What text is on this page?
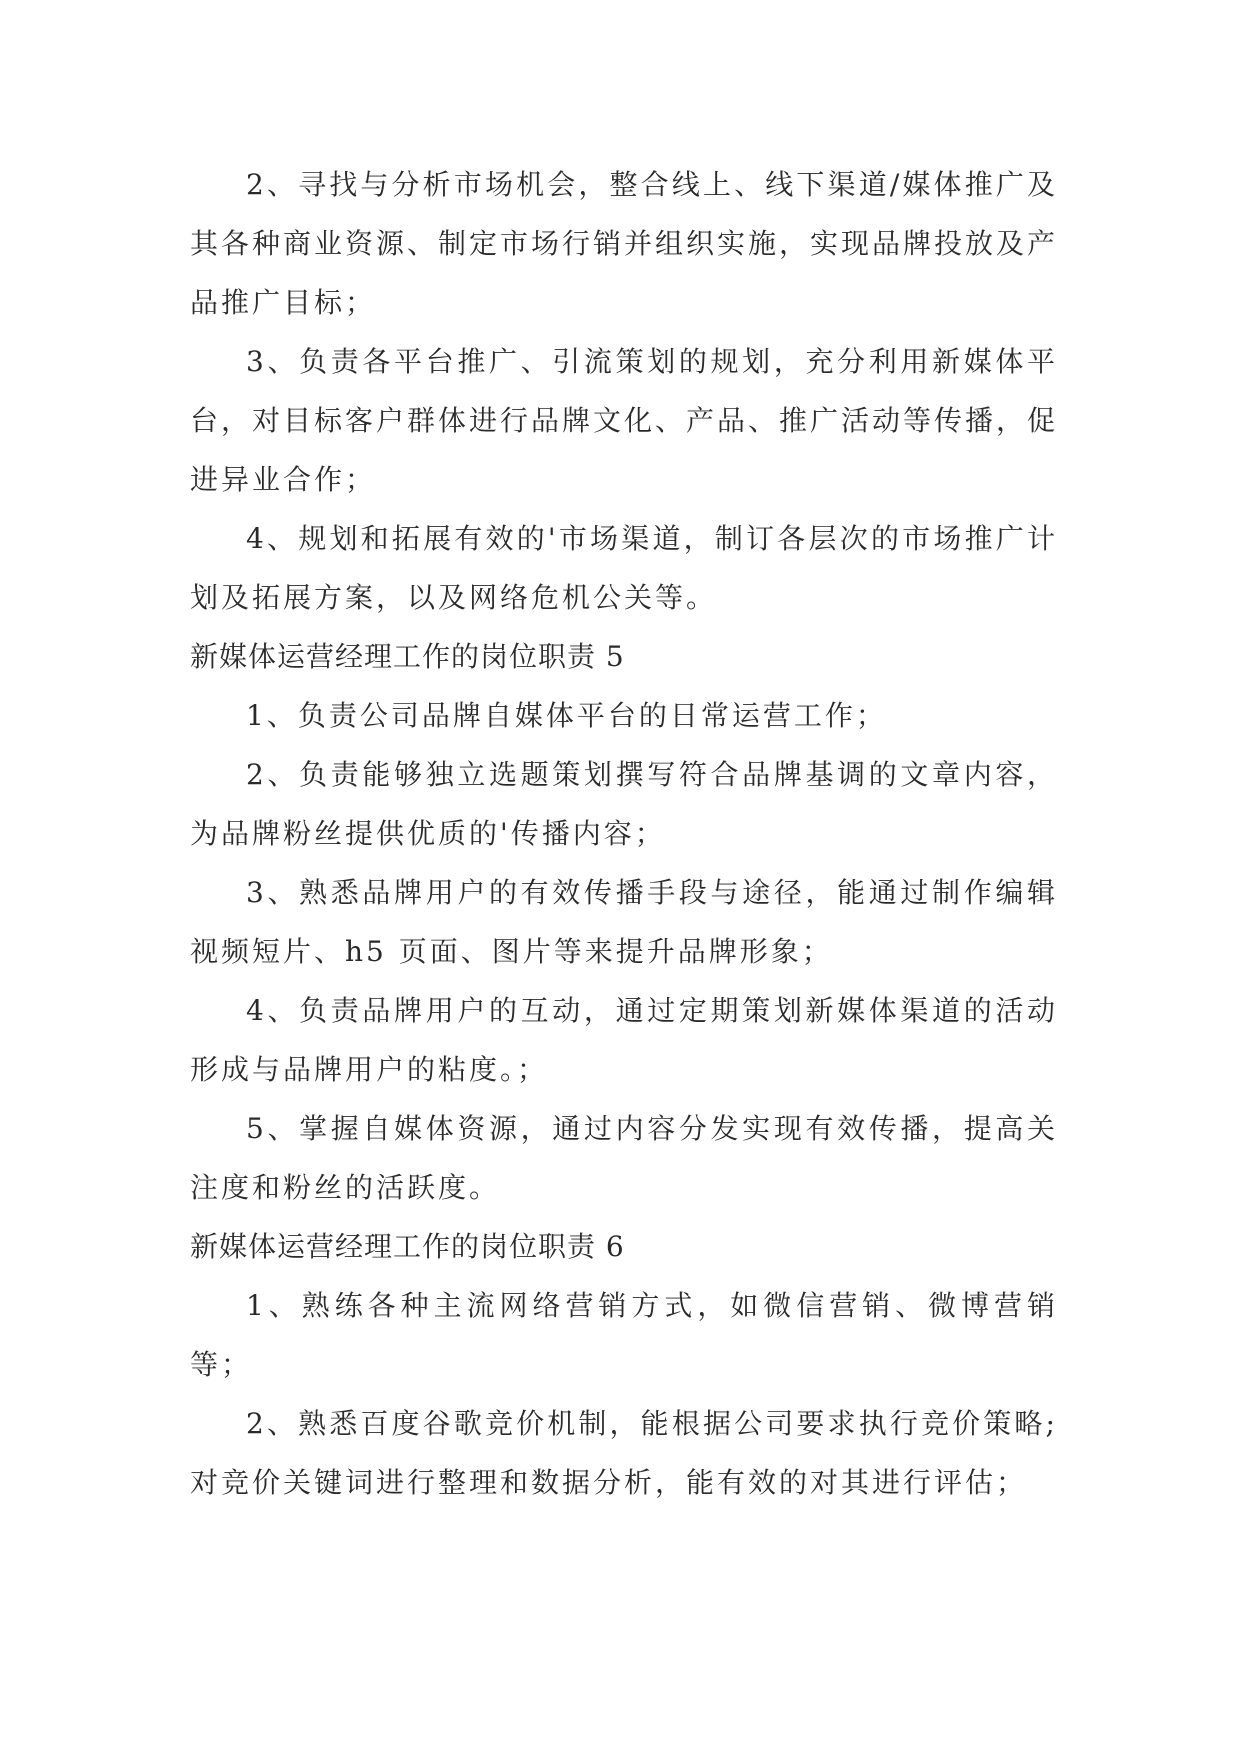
2、寻找与分析市场机会，整合线上、线下渠道/媒体推广及其各种商业资源、制定市场行销并组织实施，实现品牌投放及产品推广目标；

3、负责各平台推广、引流策划的规划，充分利用新媒体平台，对目标客户群体进行品牌文化、产品、推广活动等传播，促进异业合作；

4、规划和拓展有效的'市场渠道，制订各层次的市场推广计划及拓展方案，以及网络危机公关等。

新媒体运营经理工作的岗位职责 5

1、负责公司品牌自媒体平台的日常运营工作；

2、负责能够独立选题策划撰写符合品牌基调的文章内容，为品牌粉丝提供优质的'传播内容；

3、熟悉品牌用户的有效传播手段与途径，能通过制作编辑视频短片、h5 页面、图片等来提升品牌形象；

4、负责品牌用户的互动，通过定期策划新媒体渠道的活动形成与品牌用户的粘度。；

5、掌握自媒体资源，通过内容分发实现有效传播，提高关注度和粉丝的活跃度。

新媒体运营经理工作的岗位职责 6

1、熟练各种主流网络营销方式，如微信营销、微博营销等；

2、熟悉百度谷歌竞价机制，能根据公司要求执行竞价策略;对竞价关键词进行整理和数据分析，能有效的对其进行评估；
